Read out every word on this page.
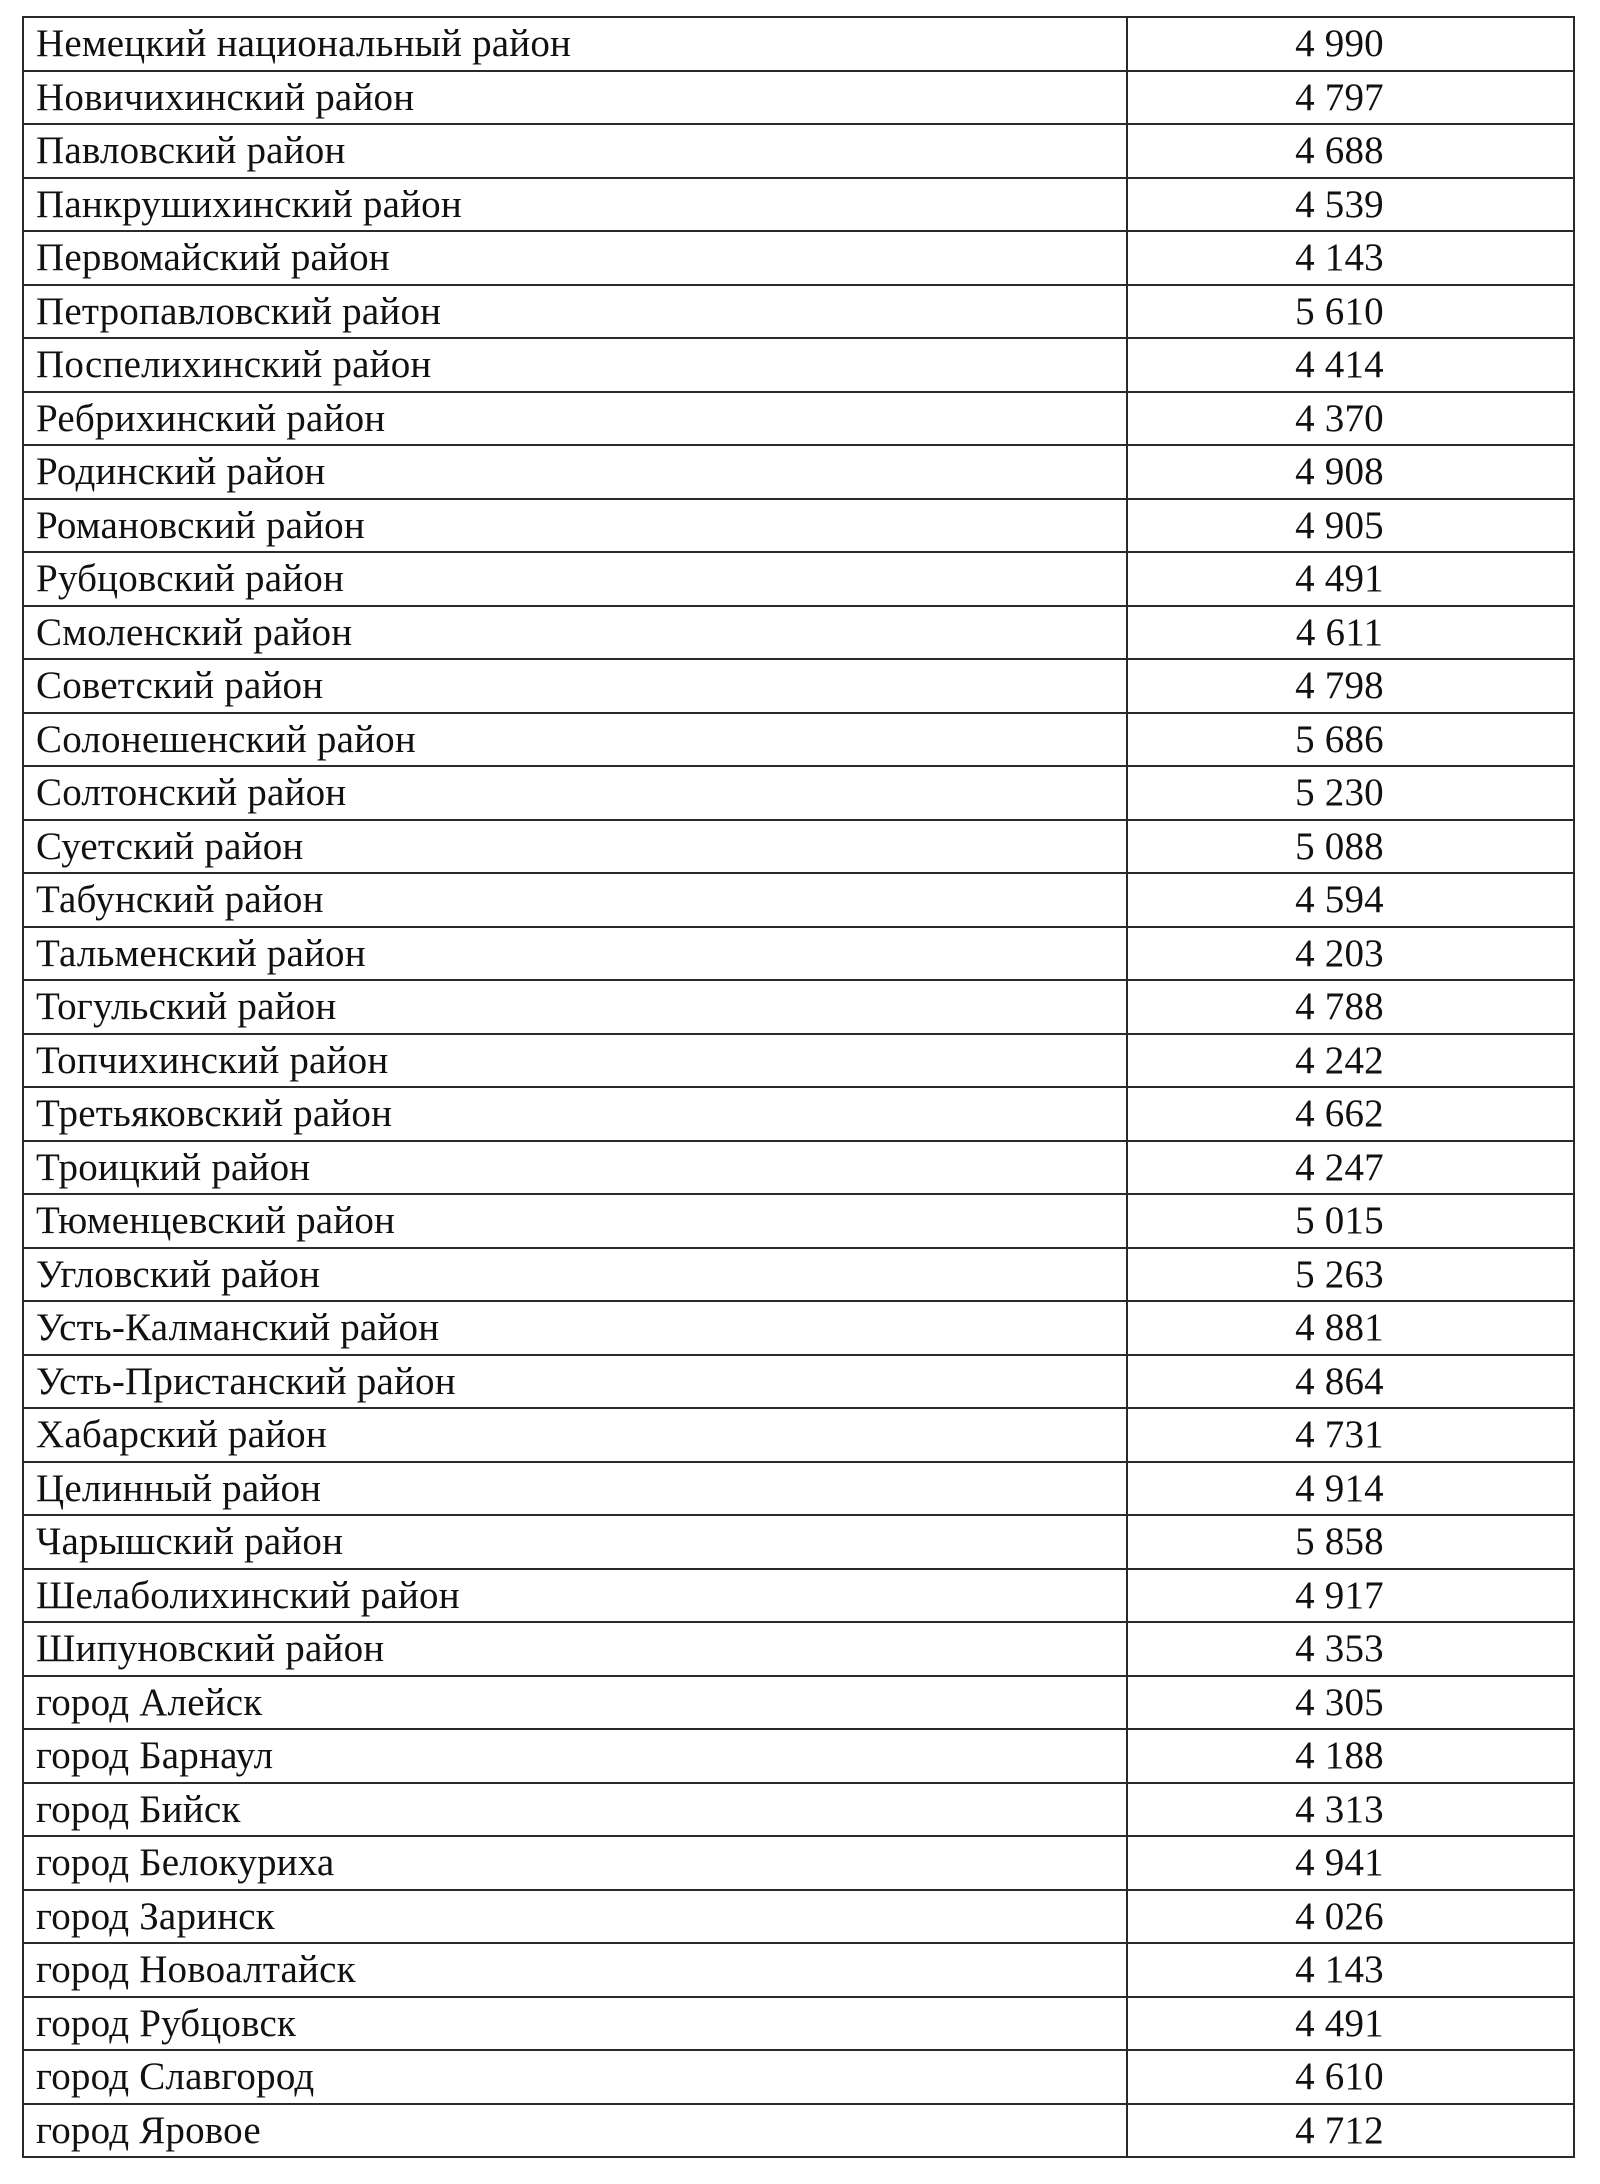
Немецкий национальный район	4 990
Новичихинский район	4 797
Павловский район	4 688
Панкрушихинский район	4 539
Первомайский район	4 143
Петропавловский район	5 610
Поспелихинский район	4 414
Ребрихинский район	4 370
Родинский район	4 908
Романовский район	4 905
Рубцовский район	4 491
Смоленский район	4 611
Советский район	4 798
Солонешенский район	5 686
Солтонский район	5 230
Суетский район	5 088
Табунский район	4 594
Тальменский район	4 203
Тогульский район	4 788
Топчихинский район	4 242
Третьяковский район	4 662
Троицкий район	4 247
Тюменцевский район	5 015
Угловский район	5 263
Усть-Калманский район	4 881
Усть-Пристанский район	4 864
Хабарский район	4 731
Целинный район	4 914
Чарышский район	5 858
Шелаболихинский район	4 917
Шипуновский район	4 353
город Алейск	4 305
город Барнаул	4 188
город Бийск	4 313
город Белокуриха	4 941
город Заринск	4 026
город Новоалтайск	4 143
город Рубцовск	4 491
город Славгород	4 610
город Яровое	4 712
